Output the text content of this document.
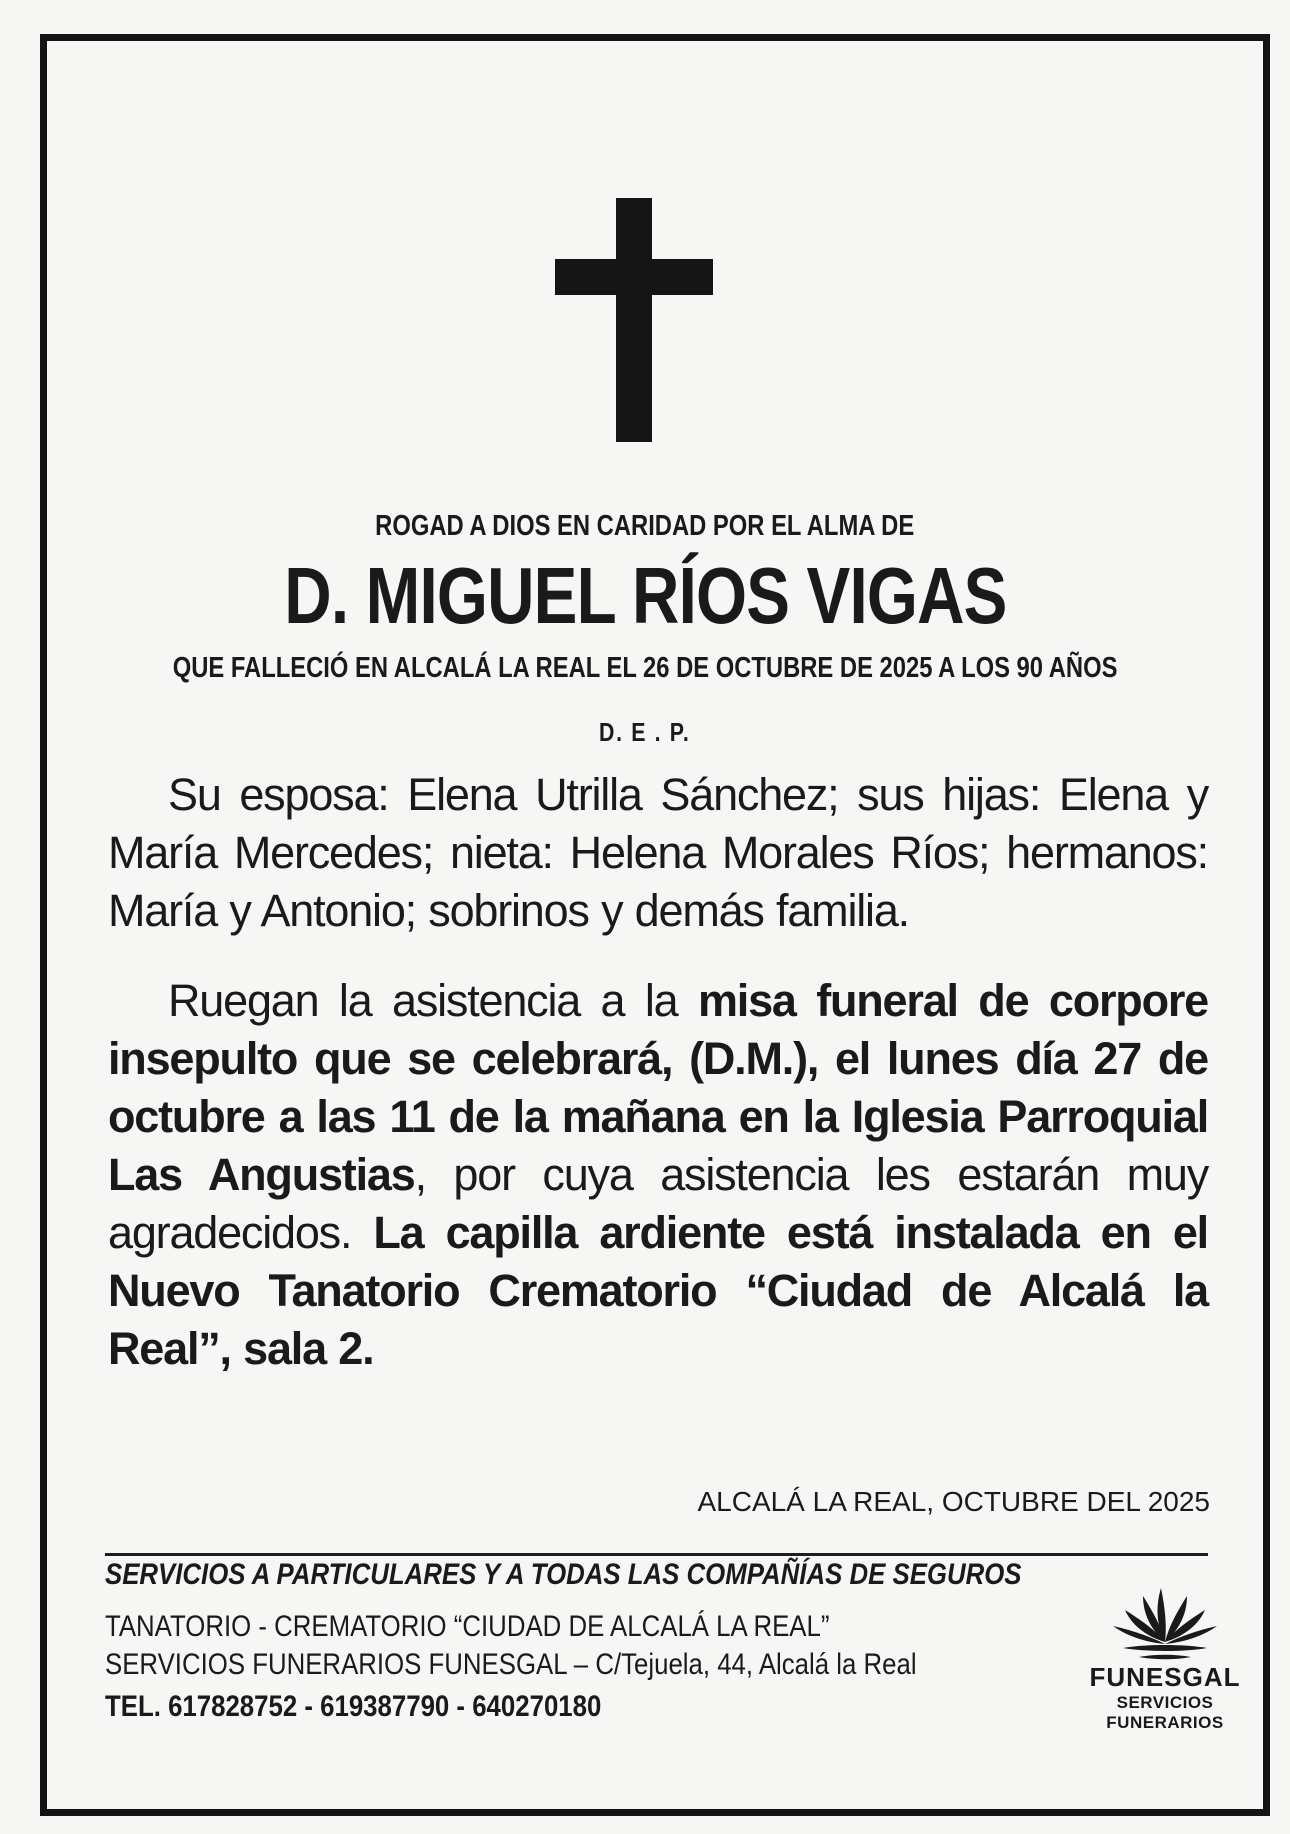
ROGAD A DIOS EN CARIDAD POR EL ALMA DE
D. MIGUEL RÍOS VIGAS
QUE FALLECIÓ EN ALCALÁ LA REAL EL 26 DE OCTUBRE DE 2025 A LOS 90 AÑOS
D. E . P.
Su esposa: Elena Utrilla Sánchez; sus hijas: Elena y María Mercedes; nieta: Helena Morales Ríos; hermanos: María y Antonio; sobrinos y demás familia.
Ruegan la asistencia a la misa funeral de corpore insepulto que se celebrará, (D.M.), el lunes día 27 de octubre a las 11 de la mañana en la Iglesia Parroquial Las Angustias, por cuya asistencia les estarán muy agradecidos. La capilla ardiente está instalada en el Nuevo Tanatorio Crematorio “Ciudad de Alcalá la Real”, sala 2.
ALCALÁ LA REAL, OCTUBRE DEL 2025
SERVICIOS A PARTICULARES Y A TODAS LAS COMPAÑÍAS DE SEGUROS
TANATORIO - CREMATORIO “CIUDAD DE ALCALÁ LA REAL”
SERVICIOS FUNERARIOS FUNESGAL – C/Tejuela, 44, Alcalá la Real
TEL. 617828752 - 619387790 - 640270180
FUNESGAL
SERVICIOS FUNERARIOS
